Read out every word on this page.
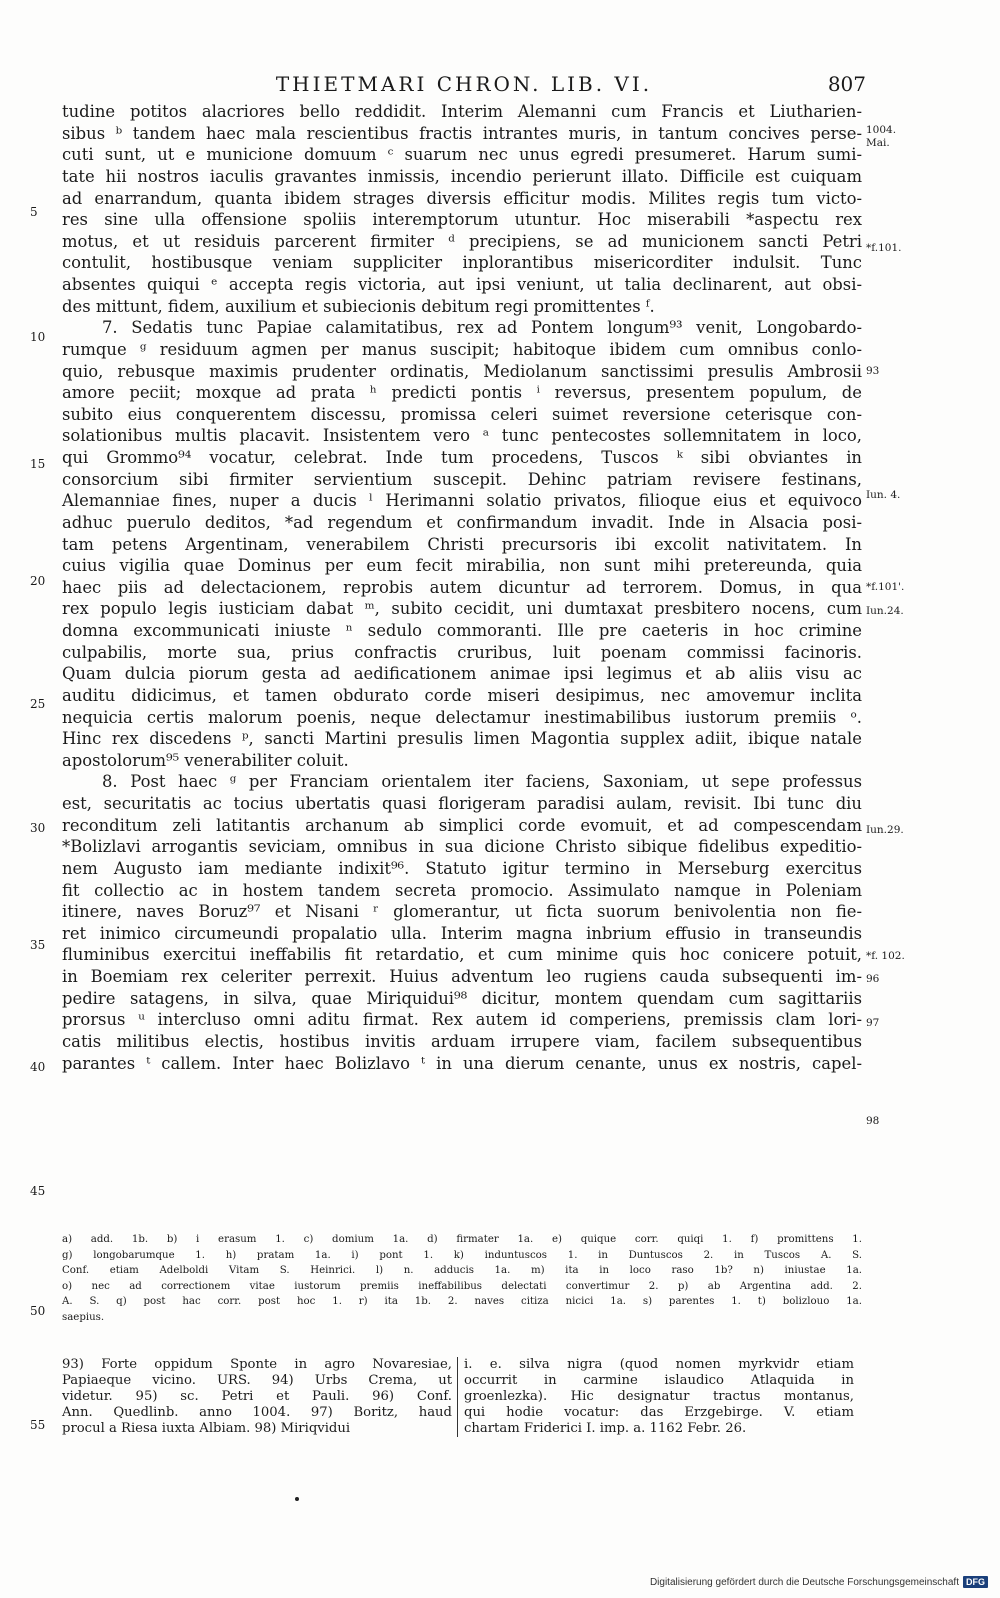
THIETMARI CHRON. LIB. VI.	807
tudine potitos alacriores bello reddidit. Interim Alemanni cum Francis et Liutharien-
sibus ᵇ tandem haec mala rescientibus fractis intrantes muris, in tantum concives perse-
cuti sunt, ut e municione domuum ᶜ suarum nec unus egredi presumeret. Harum sumi-
tate hii nostros iaculis gravantes inmissis, incendio perierunt illato. Difficile est cuiquam
ad enarrandum, quanta ibidem strages diversis efficitur modis. Milites regis tum victo-
res sine ulla offensione spoliis interemptorum utuntur. Hoc miserabili *aspectu rex
motus, et ut residuis parcerent firmiter ᵈ precipiens, se ad municionem sancti Petri
contulit, hostibusque veniam suppliciter inplorantibus misericorditer indulsit. Tunc
absentes quiqui ᵉ accepta regis victoria, aut ipsi veniunt, ut talia declinarent, aut obsi-
des mittunt, fidem, auxilium et subiecionis debitum regi promittentes ᶠ.
7. Sedatis tunc Papiae calamitatibus, rex ad Pontem longum⁹³ venit, Longobardo-
rumque ᵍ residuum agmen per manus suscipit; habitoque ibidem cum omnibus conlo-
quio, rebusque maximis prudenter ordinatis, Mediolanum sanctissimi presulis Ambrosii
amore peciit; moxque ad prata ʰ predicti pontis ⁱ reversus, presentem populum, de
subito eius conquerentem discessu, promissa celeri suimet reversione ceterisque con-
solationibus multis placavit. Insistentem vero ᵃ tunc pentecostes sollemnitatem in loco,
qui Grommo⁹⁴ vocatur, celebrat. Inde tum procedens, Tuscos ᵏ sibi obviantes in
consorcium sibi firmiter servientium suscepit. Dehinc patriam revisere festinans,
Alemanniae fines, nuper a ducis ˡ Herimanni solatio privatos, filioque eius et equivoco
adhuc puerulo deditos, *ad regendum et confirmandum invadit. Inde in Alsacia posi-
tam petens Argentinam, venerabilem Christi precursoris ibi excolit nativitatem. In
cuius vigilia quae Dominus per eum fecit mirabilia, non sunt mihi pretereunda, quia
haec piis ad delectacionem, reprobis autem dicuntur ad terrorem. Domus, in qua
rex populo legis iusticiam dabat ᵐ, subito cecidit, uni dumtaxat presbitero nocens, cum
domna excommunicati iniuste ⁿ sedulo commoranti. Ille pre caeteris in hoc crimine
culpabilis, morte sua, prius confractis cruribus, luit poenam commissi facinoris.
Quam dulcia piorum gesta ad aedificationem animae ipsi legimus et ab aliis visu ac
auditu didicimus, et tamen obdurato corde miseri desipimus, nec amovemur inclita
nequicia certis malorum poenis, neque delectamur inestimabilibus iustorum premiis ᵒ.
Hinc rex discedens ᵖ, sancti Martini presulis limen Magontia supplex adiit, ibique natale
apostolorum⁹⁵ venerabiliter coluit.
8. Post haec ᵍ per Franciam orientalem iter faciens, Saxoniam, ut sepe professus
est, securitatis ac tocius ubertatis quasi florigeram paradisi aulam, revisit. Ibi tunc diu
reconditum zeli latitantis archanum ab simplici corde evomuit, et ad compescendam
*Bolizlavi arrogantis seviciam, omnibus in sua dicione Christo sibique fidelibus expeditio-
nem Augusto iam mediante indixit⁹⁶. Statuto igitur termino in Merseburg exercitus
fit collectio ac in hostem tandem secreta promocio. Assimulato namque in Poleniam
itinere, naves Boruz⁹⁷ et Nisani ʳ glomerantur, ut ficta suorum benivolentia non fie-
ret inimico circumeundi propalatio ulla. Interim magna inbrium effusio in transeundis
fluminibus exercitui ineffabilis fit retardatio, et cum minime quis hoc conicere potuit,
in Boemiam rex celeriter perrexit. Huius adventum leo rugiens cauda subsequenti im-
pedire satagens, in silva, quae Miriquidui⁹⁸ dicitur, montem quendam cum sagittariis
prorsus ᵘ intercluso omni aditu firmat. Rex autem id comperiens, premissis clam lori-
catis militibus electis, hostibus invitis arduam irrupere viam, facilem subsequentibus
parantes ᵗ callem. Inter haec Bolizlavo ᵗ in una dierum cenante, unus ex nostris, capel-
5
10
15
20
25
30
35
40
45
50
55
1004.
Mai.
*f.101.
93
Iun. 4.
*f.101'.
Iun.24.
Iun.29.
*f. 102.
96
97
98
a) add. 1b. b) i erasum 1. c) domium 1a. d) firmater 1a. e) quique corr. quiqi 1. f) promittens 1.
g) longobarumque 1. h) pratam 1a. i) pont 1. k) induntuscos 1. in Duntuscos 2. in Tuscos A. S.
Conf. etiam Adelboldi Vitam S. Heinrici. l) n. adducis 1a. m) ita in loco raso 1b? n) iniustae 1a.
o) nec ad correctionem vitae iustorum premiis ineffabilibus delectati convertimur 2. p) ab Argentina add. 2.
A. S. q) post hac corr. post hoc 1. r) ita 1b. 2. naves citiza nicici 1a. s) parentes 1. t) bolizlouo 1a.
saepius.
93) Forte oppidum Sponte in agro Novaresiae,
Papiaeque vicino. URS. 94) Urbs Crema, ut
videtur. 95) sc. Petri et Pauli. 96) Conf.
Ann. Quedlinb. anno 1004. 97) Boritz, haud
procul a Riesa iuxta Albiam. 98) Miriqvidui
i. e. silva nigra (quod nomen myrkvidr etiam
occurrit in carmine islaudico Atlaquida in
groenlezka). Hic designatur tractus montanus,
qui hodie vocatur: das Erzgebirge. V. etiam
chartam Friderici I. imp. a. 1162 Febr. 26.
Digitalisierung gefördert durch die Deutsche Forschungsgemeinschaft DFG
